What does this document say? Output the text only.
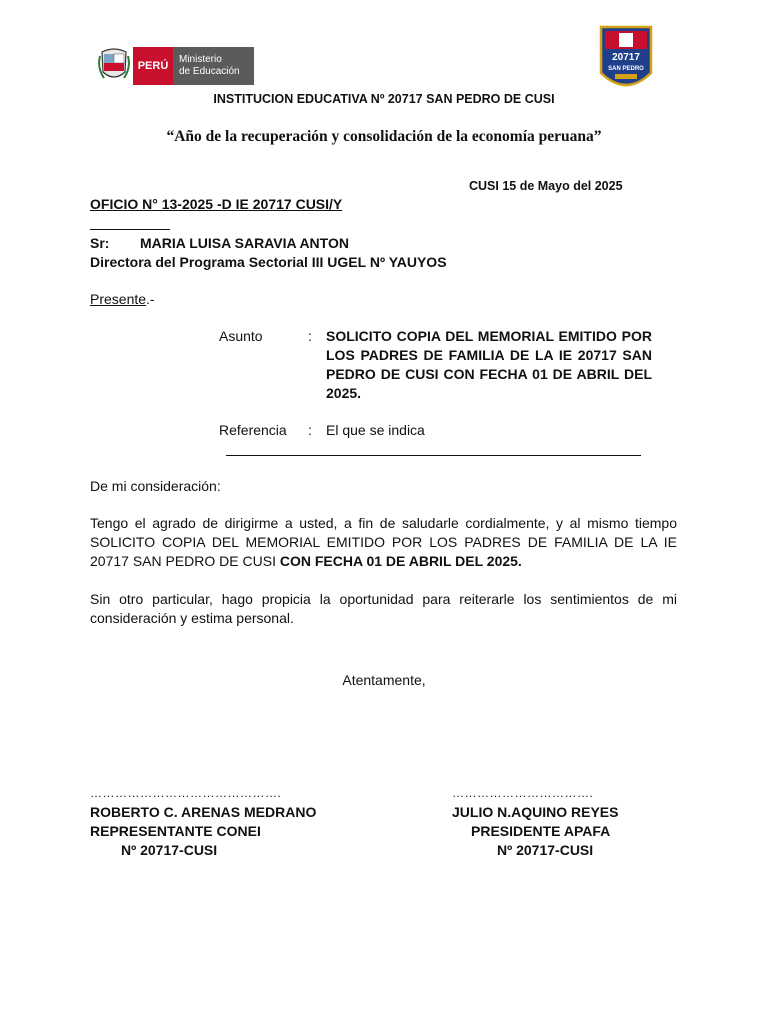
PERÚ
Ministerio
de Educación
20717
SAN PEDRO
INSTITUCION EDUCATIVA Nº 20717 SAN PEDRO DE CUSI
“Año de la recuperación y consolidación de la economía peruana”
CUSI 15 de Mayo del 2025
OFICIO N° 13-2025 -D IE 20717 CUSI/Y
Sr: MARIA LUISA SARAVIA ANTON
Directora del Programa Sectorial III UGEL Nº YAUYOS
Presente.-
Asunto	: SOLICITO COPIA DEL MEMORIAL EMITIDO POR LOS PADRES DE FAMILIA DE LA IE 20717 SAN PEDRO DE CUSI CON FECHA 01 DE ABRIL DEL 2025.
Referencia : El que se indica
De mi consideración:
Tengo el agrado de dirigirme a usted, a fin de saludarle cordialmente, y al mismo tiempo SOLICITO COPIA DEL MEMORIAL EMITIDO POR LOS PADRES DE FAMILIA DE LA IE 20717 SAN PEDRO DE CUSI CON FECHA 01 DE ABRIL DEL 2025.
Sin otro particular, hago propicia la oportunidad para reiterarle los sentimientos de mi consideración y estima personal.
Atentamente,
……………………………………….
ROBERTO C. ARENAS MEDRANO
REPRESENTANTE CONEI
Nº 20717-CUSI
…………………………….
JULIO N.AQUINO REYES
PRESIDENTE APAFA
Nº 20717-CUSI
